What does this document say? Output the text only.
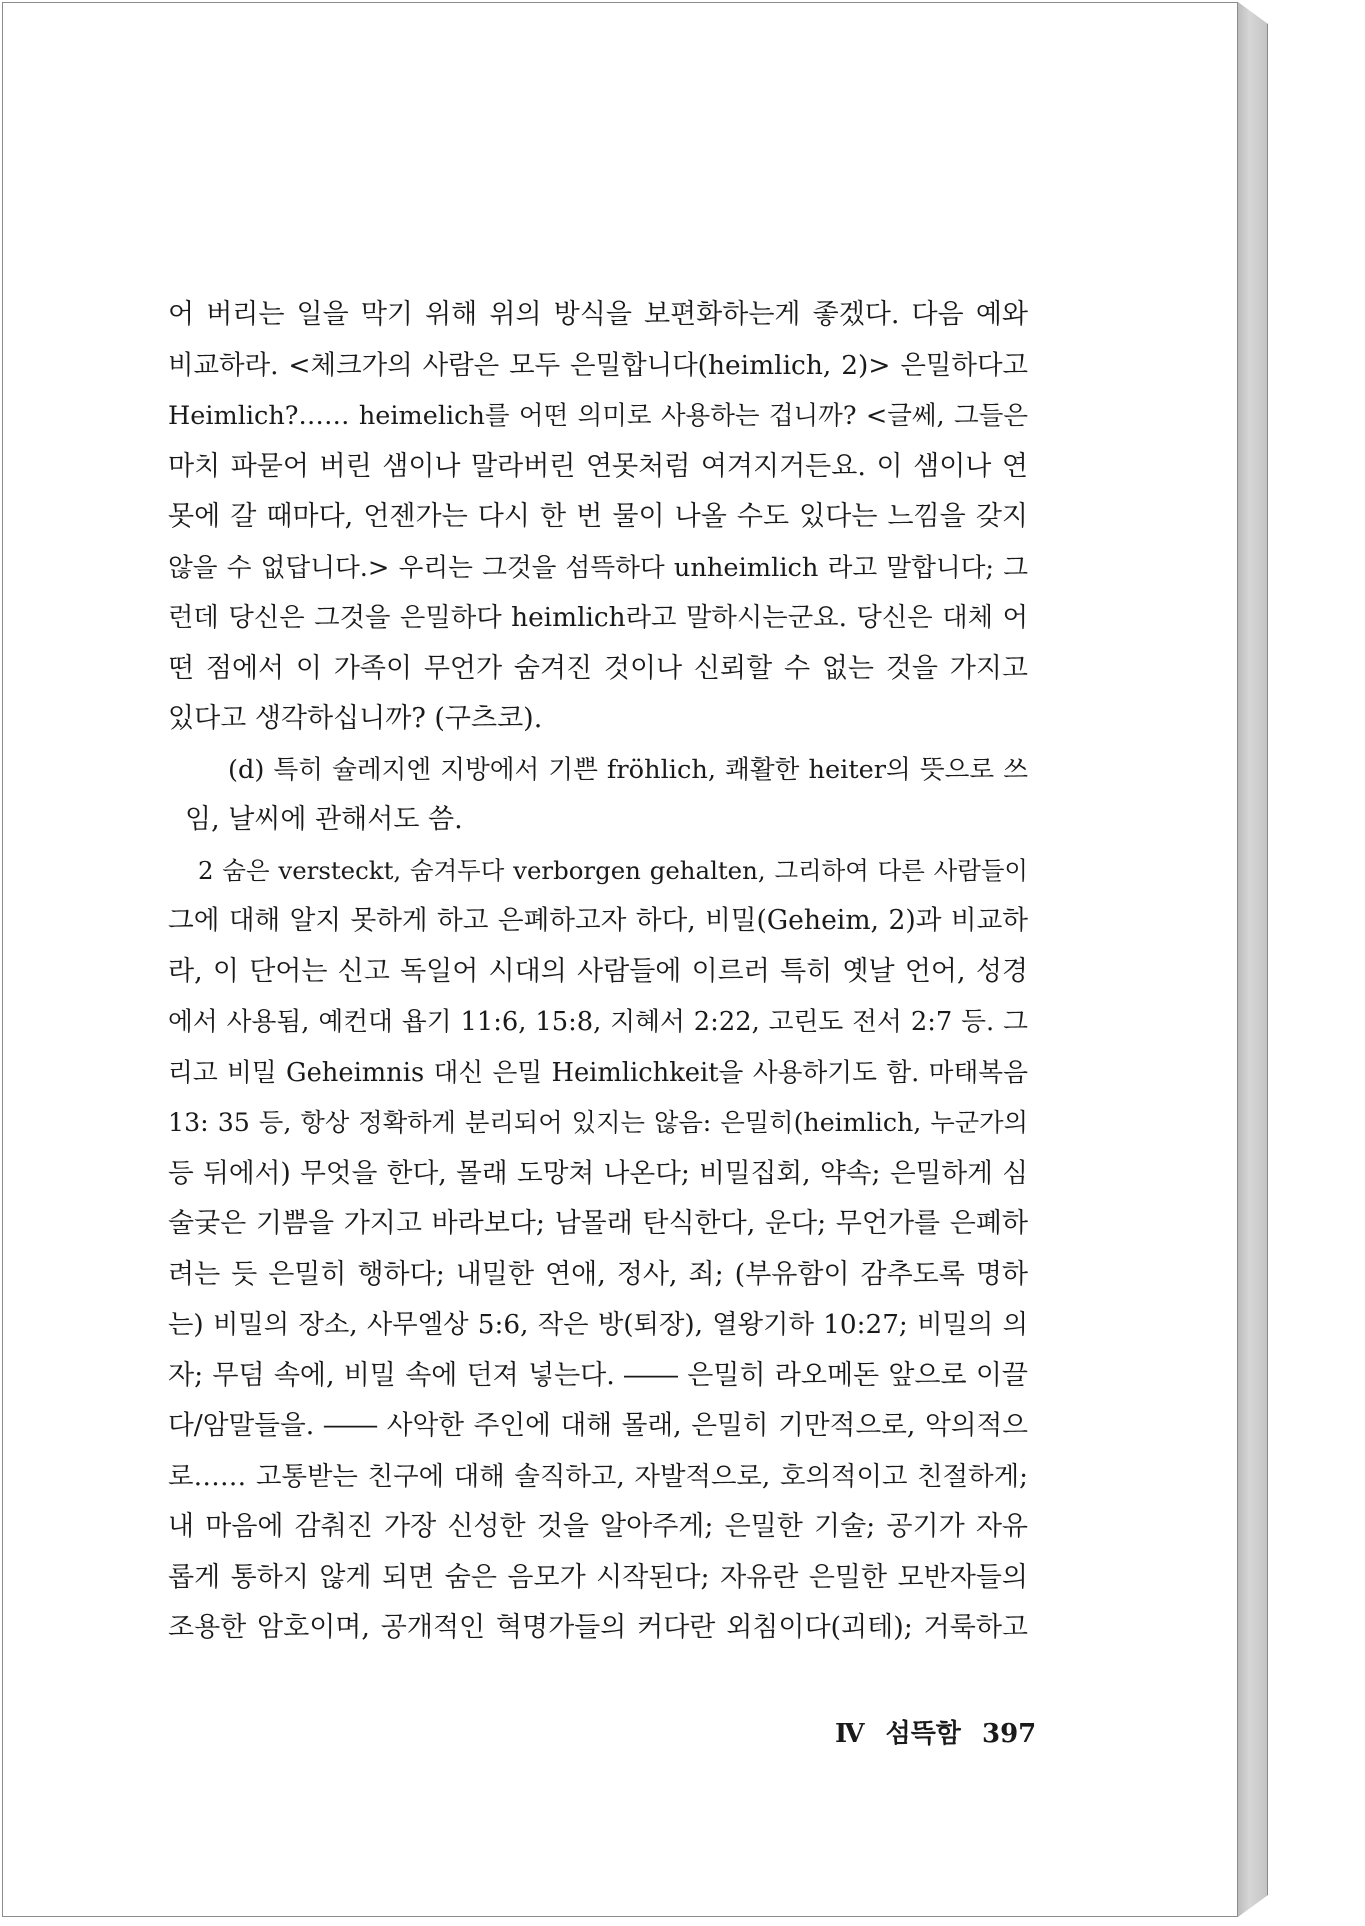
어 버리는 일을 막기 위해 위의 방식을 보편화하는게 좋겠다. 다음 예와
비교하라. <체크가의 사람은 모두 은밀합니다(heimlich, 2)> 은밀하다고
Heimlich?…… heimelich를 어떤 의미로 사용하는 겁니까? <글쎄, 그들은
마치 파묻어 버린 샘이나 말라버린 연못처럼 여겨지거든요. 이 샘이나 연
못에 갈 때마다, 언젠가는 다시 한 번 물이 나올 수도 있다는 느낌을 갖지
않을 수 없답니다.> 우리는 그것을 섬뜩하다 unheimlich 라고 말합니다; 그
런데 당신은 그것을 은밀하다 heimlich라고 말하시는군요. 당신은 대체 어
떤 점에서 이 가족이 무언가 숨겨진 것이나 신뢰할 수 없는 것을 가지고
있다고 생각하십니까? (구츠코).
(d) 특히 슐레지엔 지방에서 기쁜 fröhlich, 쾌활한 heiter의 뜻으로 쓰
임, 날씨에 관해서도 씀.
2 숨은 versteckt, 숨겨두다 verborgen gehalten, 그리하여 다른 사람들이
그에 대해 알지 못하게 하고 은폐하고자 하다, 비밀(Geheim, 2)과 비교하
라, 이 단어는 신고 독일어 시대의 사람들에 이르러 특히 옛날 언어, 성경
에서 사용됨, 예컨대 욥기 11:6, 15:8, 지혜서 2:22, 고린도 전서 2:7 등. 그
리고 비밀 Geheimnis 대신 은밀 Heimlichkeit을 사용하기도 함. 마태복음
13: 35 등, 항상 정확하게 분리되어 있지는 않음: 은밀히(heimlich, 누군가의
등 뒤에서) 무엇을 한다, 몰래 도망쳐 나온다; 비밀집회, 약속; 은밀하게 심
술궂은 기쁨을 가지고 바라보다; 남몰래 탄식한다, 운다; 무언가를 은폐하
려는 듯 은밀히 행하다; 내밀한 연애, 정사, 죄; (부유함이 감추도록 명하
는) 비밀의 장소, 사무엘상 5:6, 작은 방(퇴장), 열왕기하 10:27; 비밀의 의
자; 무덤 속에, 비밀 속에 던져 넣는다. ―― 은밀히 라오메돈 앞으로 이끌
다/암말들을. ―― 사악한 주인에 대해 몰래, 은밀히 기만적으로, 악의적으
로…… 고통받는 친구에 대해 솔직하고, 자발적으로, 호의적이고 친절하게;
내 마음에 감춰진 가장 신성한 것을 알아주게; 은밀한 기술; 공기가 자유
롭게 통하지 않게 되면 숨은 음모가 시작된다; 자유란 은밀한 모반자들의
조용한 암호이며, 공개적인 혁명가들의 커다란 외침이다(괴테); 거룩하고
Ⅳ 섬뜩함 397
